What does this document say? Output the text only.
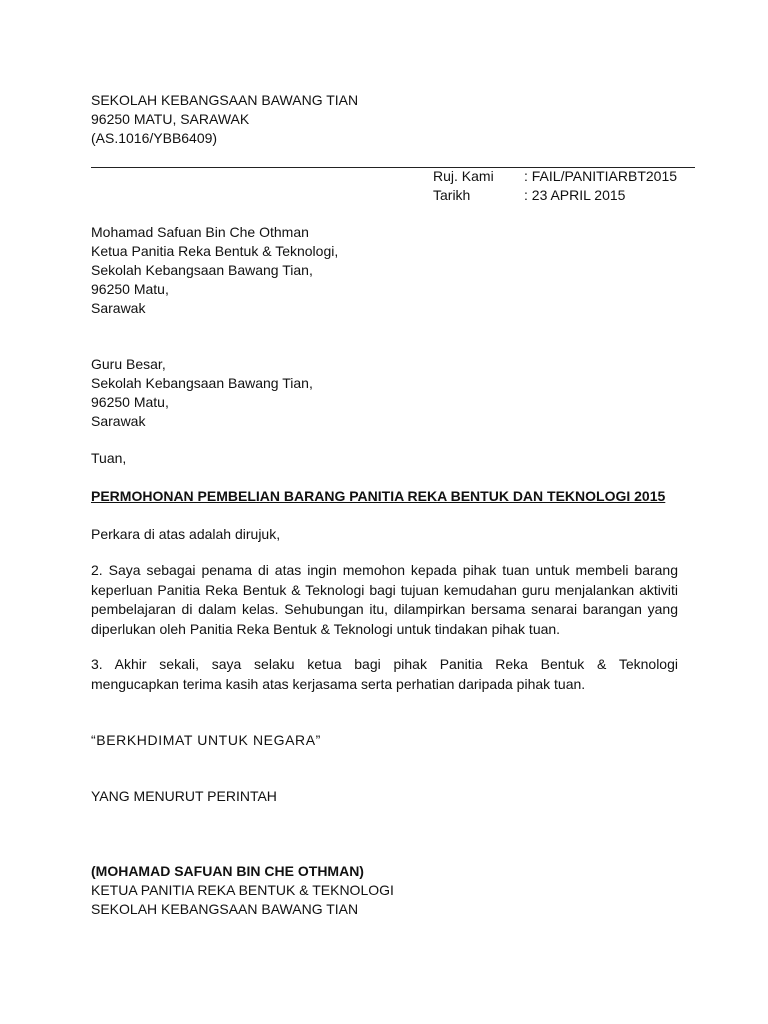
SEKOLAH KEBANGSAAN BAWANG TIAN
96250 MATU, SARAWAK
(AS.1016/YBB6409)
Ruj. Kami
Tarikh
: FAIL/PANITIARBT2015
: 23 APRIL 2015
Mohamad Safuan Bin Che Othman
Ketua Panitia Reka Bentuk & Teknologi,
Sekolah Kebangsaan Bawang Tian,
96250 Matu,
Sarawak
Guru Besar,
Sekolah Kebangsaan Bawang Tian,
96250 Matu,
Sarawak
Tuan,
PERMOHONAN PEMBELIAN BARANG PANITIA REKA BENTUK DAN TEKNOLOGI 2015
Perkara di atas adalah dirujuk,
2. Saya sebagai penama di atas ingin memohon kepada pihak tuan untuk membeli barang
keperluan Panitia Reka Bentuk & Teknologi bagi tujuan kemudahan guru menjalankan aktiviti
pembelajaran di dalam kelas. Sehubungan itu, dilampirkan bersama senarai barangan yang
diperlukan oleh Panitia Reka Bentuk & Teknologi untuk tindakan pihak tuan.
3. Akhir sekali, saya selaku ketua bagi pihak Panitia Reka Bentuk & Teknologi
mengucapkan terima kasih atas kerjasama serta perhatian daripada pihak tuan.
“BERKHDIMAT UNTUK NEGARA”
YANG MENURUT PERINTAH
(MOHAMAD SAFUAN BIN CHE OTHMAN)
KETUA PANITIA REKA BENTUK & TEKNOLOGI
SEKOLAH KEBANGSAAN BAWANG TIAN
